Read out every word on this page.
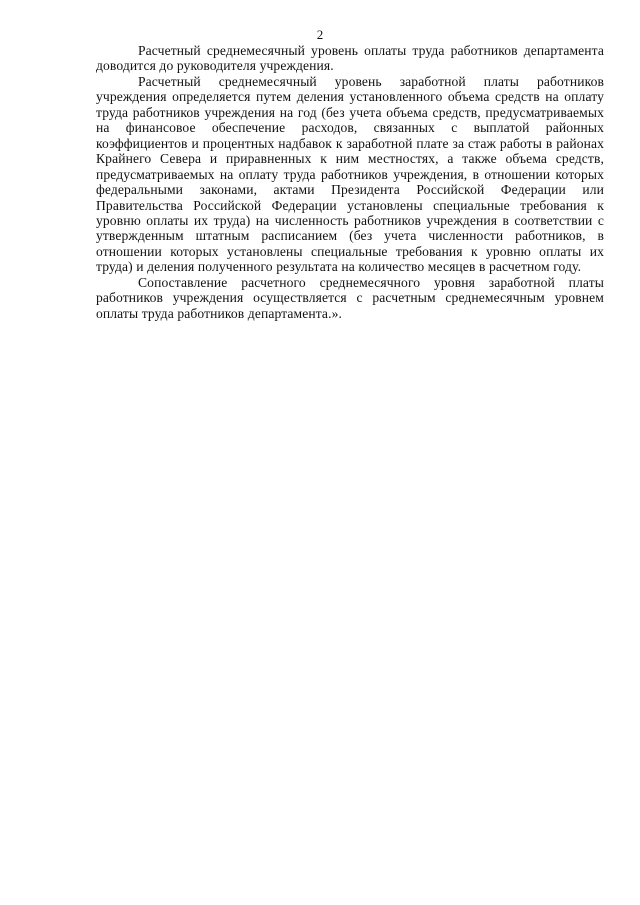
2

Расчетный среднемесячный уровень оплаты труда работников департамента доводится до руководителя учреждения.

Расчетный среднемесячный уровень заработной платы работников учреждения определяется путем деления установленного объема средств на оплату труда работников учреждения на год (без учета объема средств, предусматриваемых на финансовое обеспечение расходов, связанных с выплатой районных коэффициентов и процентных надбавок к заработной плате за стаж работы в районах Крайнего Севера и приравненных к ним местностях, а также объема средств, предусматриваемых на оплату труда работников учреждения, в отношении которых федеральными законами, актами Президента Российской Федерации или Правительства Российской Федерации установлены специальные требования к уровню оплаты их труда) на численность работников учреждения в соответствии с утвержденным штатным расписанием (без учета численности работников, в отношении которых установлены специальные требования к уровню оплаты их труда) и деления полученного результата на количество месяцев в расчетном году.

Сопоставление расчетного среднемесячного уровня заработной платы работников учреждения осуществляется с расчетным среднемесячным уровнем оплаты труда работников департамента.».
